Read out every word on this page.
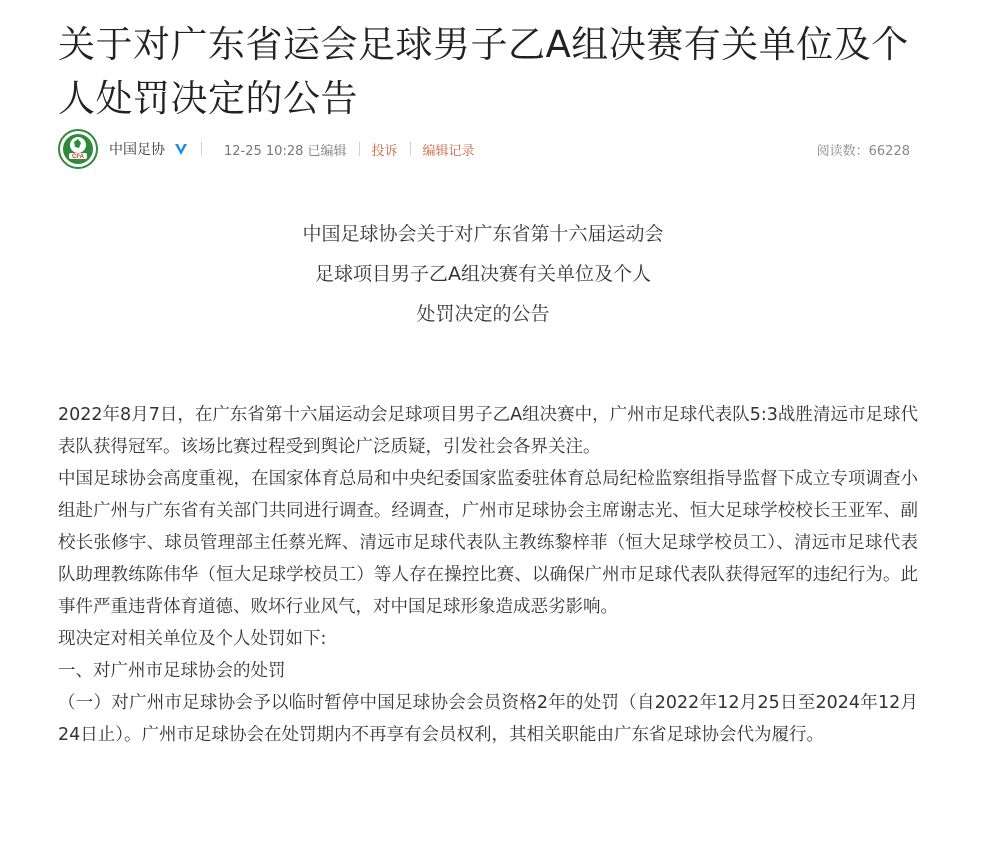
关于对广东省运会足球男子乙A组决赛有关单位及个人处罚决定的公告
CFA 中国足协	12-25 10:28 已编辑 投诉 编辑记录	阅读数：66228
中国足球协会关于对广东省第十六届运动会
足球项目男子乙A组决赛有关单位及个人
处罚决定的公告

2022年8月7日，在广东省第十六届运动会足球项目男子乙A组决赛中，广州市足球代表队5:3战胜清远市足球代表队获得冠军。该场比赛过程受到舆论广泛质疑，引发社会各界关注。

中国足球协会高度重视，在国家体育总局和中央纪委国家监委驻体育总局纪检监察组指导监督下成立专项调查小组赴广州与广东省有关部门共同进行调查。经调查，广州市足球协会主席谢志光、恒大足球学校校长王亚军、副校长张修宇、球员管理部主任蔡光辉、清远市足球代表队主教练黎梓菲（恒大足球学校员工）、清远市足球代表队助理教练陈伟华（恒大足球学校员工）等人存在操控比赛、以确保广州市足球代表队获得冠军的违纪行为。此事件严重违背体育道德、败坏行业风气，对中国足球形象造成恶劣影响。

现决定对相关单位及个人处罚如下:

一、对广州市足球协会的处罚

（一）对广州市足球协会予以临时暂停中国足球协会会员资格2年的处罚（自2022年12月25日至2024年12月24日止）。广州市足球协会在处罚期内不再享有会员权利，其相关职能由广东省足球协会代为履行。
